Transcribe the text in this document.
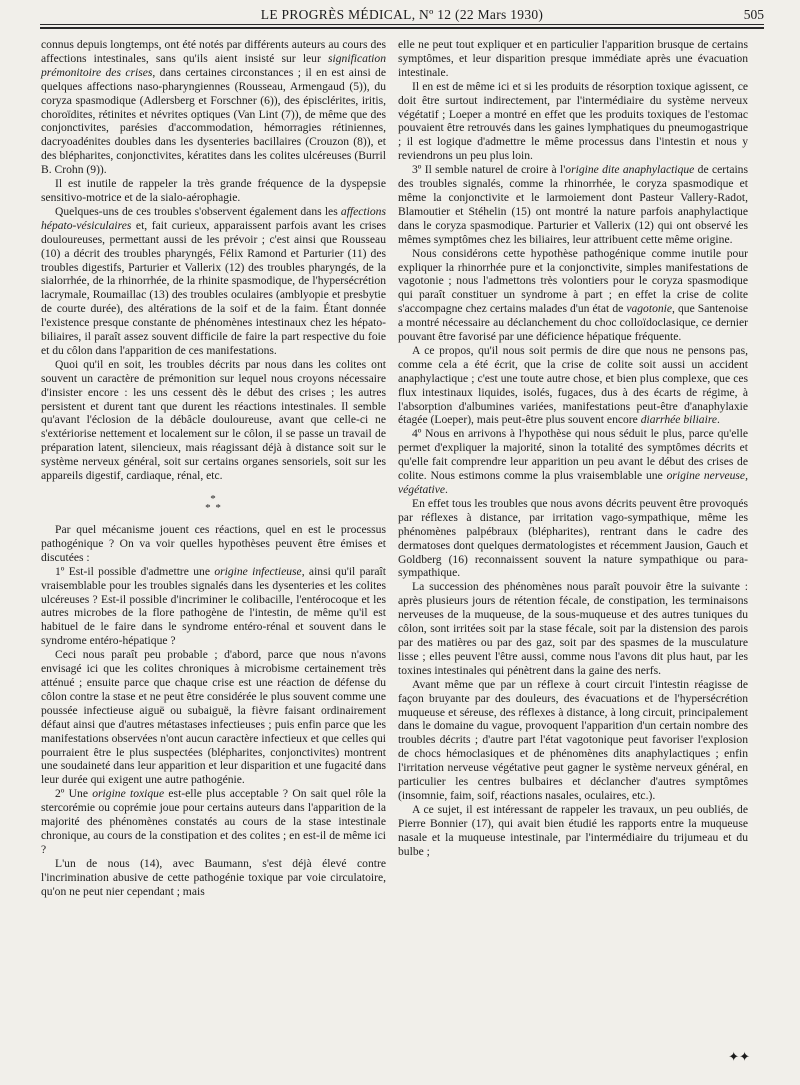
LE PROGRÈS MÉDICAL, Nº 12 (22 Mars 1930)	505

connus depuis longtemps, ont été notés par différents auteurs au cours des affections intestinales, sans qu'ils aient insisté sur leur signification prémonitoire des crises, dans certaines circonstances ; il en est ainsi de quelques affections naso-pharyngiennes (Rousseau, Armengaud (5)), du coryza spasmodique (Adlersberg et Forschner (6)), des épisclérites, iritis, choroïdites, rétinites et névrites optiques (Van Lint (7)), de même que des conjonctivites, parésies d'accommodation, hémorragies rétiniennes, dacryoadénites doubles dans les dysenteries bacillaires (Crouzon (8)), et des blépharites, conjonctivites, kératites dans les colites ulcéreuses (Burril B. Crohn (9)).

Il est inutile de rappeler la très grande fréquence de la dyspepsie sensitivo-motrice et de la sialo-aérophagie.

Quelques-uns de ces troubles s'observent également dans les affections hépato-vésiculaires et, fait curieux, apparaissent parfois avant les crises douloureuses, permettant aussi de les prévoir ; c'est ainsi que Rousseau (10) a décrit des troubles pharyngés, Félix Ramond et Parturier (11) des troubles digestifs, Parturier et Vallerix (12) des troubles pharyngés, de la sialorrhée, de la rhinorrhée, de la rhinite spasmodique, de l'hypersécrétion lacrymale, Roumaillac (13) des troubles oculaires (amblyopie et presbytie de courte durée), des altérations de la soif et de la faim. Étant donnée l'existence presque constante de phénomènes intestinaux chez les hépato-biliaires, il paraît assez souvent difficile de faire la part respective du foie et du côlon dans l'apparition de ces manifestations.

Quoi qu'il en soit, les troubles décrits par nous dans les colites ont souvent un caractère de prémonition sur lequel nous croyons nécessaire d'insister encore : les uns cessent dès le début des crises ; les autres persistent et durent tant que durent les réactions intestinales. Il semble qu'avant l'éclosion de la débâcle douloureuse, avant que celle-ci ne s'extériorise nettement et localement sur le côlon, il se passe un travail de préparation latent, silencieux, mais réagissant déjà à distance soit sur le système nerveux général, soit sur certains organes sensoriels, soit sur les appareils digestif, cardiaque, rénal, etc.

*
* *

Par quel mécanisme jouent ces réactions, quel en est le processus pathogénique ? On va voir quelles hypothèses peuvent être émises et discutées :

1º Est-il possible d'admettre une origine infectieuse, ainsi qu'il paraît vraisemblable pour les troubles signalés dans les dysenteries et les colites ulcéreuses ? Est-il possible d'incriminer le colibacille, l'entérocoque et les autres microbes de la flore pathogène de l'intestin, de même qu'il est habituel de le faire dans le syndrome entéro-rénal et souvent dans le syndrome entéro-hépatique ?

Ceci nous paraît peu probable ; d'abord, parce que nous n'avons envisagé ici que les colites chroniques à microbisme certainement très atténué ; ensuite parce que chaque crise est une réaction de défense du côlon contre la stase et ne peut être considérée le plus souvent comme une poussée infectieuse aiguë ou subaiguë, la fièvre faisant ordinairement défaut ainsi que d'autres métastases infectieuses ; puis enfin parce que les manifestations observées n'ont aucun caractère infectieux et que celles qui pourraient être le plus suspectées (blépharites, conjonctivites) montrent une soudaineté dans leur apparition et leur disparition et une fugacité dans leur durée qui exigent une autre pathogénie.

2º Une origine toxique est-elle plus acceptable ? On sait quel rôle la stercorémie ou coprémie joue pour certains auteurs dans l'apparition de la majorité des phénomènes constatés au cours de la stase intestinale chronique, au cours de la constipation et des colites ; en est-il de même ici ?

L'un de nous (14), avec Baumann, s'est déjà élevé contre l'incrimination abusive de cette pathogénie toxique par voie circulatoire, qu'on ne peut nier cependant ; mais

elle ne peut tout expliquer et en particulier l'apparition brusque de certains symptômes, et leur disparition presque immédiate après une évacuation intestinale.

Il en est de même ici et si les produits de résorption toxique agissent, ce doit être surtout indirectement, par l'intermédiaire du système nerveux végétatif ; Loeper a montré en effet que les produits toxiques de l'estomac pouvaient être retrouvés dans les gaines lymphatiques du pneumogastrique ; il est logique d'admettre le même processus dans l'intestin et nous y reviendrons un peu plus loin.

3º Il semble naturel de croire à l'origine dite anaphylactique de certains des troubles signalés, comme la rhinorrhée, le coryza spasmodique et même la conjonctivite et le larmoiement dont Pasteur Vallery-Radot, Blamoutier et Stéhelin (15) ont montré la nature parfois anaphylactique dans le coryza spasmodique. Parturier et Vallerix (12) qui ont observé les mêmes symptômes chez les biliaires, leur attribuent cette même origine.

Nous considérons cette hypothèse pathogénique comme inutile pour expliquer la rhinorrhée pure et la conjonctivite, simples manifestations de vagotonie ; nous l'admettons très volontiers pour le coryza spasmodique qui paraît constituer un syndrome à part ; en effet la crise de colite s'accompagne chez certains malades d'un état de vagotonie, que Santenoise a montré nécessaire au déclanchement du choc colloïdoclasique, ce dernier pouvant être favorisé par une déficience hépatique fréquente.

A ce propos, qu'il nous soit permis de dire que nous ne pensons pas, comme cela a été écrit, que la crise de colite soit aussi un accident anaphylactique ; c'est une toute autre chose, et bien plus complexe, que ces flux intestinaux liquides, isolés, fugaces, dus à des écarts de régime, à l'absorption d'albumines variées, manifestations peut-être d'anaphylaxie étagée (Loeper), mais peut-être plus souvent encore diarrhée biliaire.

4º Nous en arrivons à l'hypothèse qui nous séduit le plus, parce qu'elle permet d'expliquer la majorité, sinon la totalité des symptômes décrits et qu'elle fait comprendre leur apparition un peu avant le début des crises de colite. Nous estimons comme la plus vraisemblable une origine nerveuse, végétative.

En effet tous les troubles que nous avons décrits peuvent être provoqués par réflexes à distance, par irritation vago-sympathique, même les phénomènes palpébraux (blépharites), rentrant dans le cadre des dermatoses dont quelques dermatologistes et récemment Jausion, Gauch et Goldberg (16) reconnaissent souvent la nature sympathique ou para-sympathique.

La succession des phénomènes nous paraît pouvoir être la suivante : après plusieurs jours de rétention fécale, de constipation, les terminaisons nerveuses de la muqueuse, de la sous-muqueuse et des autres tuniques du côlon, sont irritées soit par la stase fécale, soit par la distension des parois par des matières ou par des gaz, soit par des spasmes de la musculature lisse ; elles peuvent l'être aussi, comme nous l'avons dit plus haut, par les toxines intestinales qui pénètrent dans la gaine des nerfs.

Avant même que par un réflexe à court circuit l'intestin réagisse de façon bruyante par des douleurs, des évacuations et de l'hypersécrétion muqueuse et séreuse, des réflexes à distance, à long circuit, principalement dans le domaine du vague, provoquent l'apparition d'un certain nombre des troubles décrits ; d'autre part l'état vagotonique peut favoriser l'explosion de chocs hémoclasiques et de phénomènes dits anaphylactiques ; enfin l'irritation nerveuse végétative peut gagner le système nerveux général, en particulier les centres bulbaires et déclancher d'autres symptômes (insomnie, faim, soif, réactions nasales, oculaires, etc.).

A ce sujet, il est intéressant de rappeler les travaux, un peu oubliés, de Pierre Bonnier (17), qui avait bien étudié les rapports entre la muqueuse nasale et la muqueuse intestinale, par l'intermédiaire du trijumeau et du bulbe ;

✦✦
